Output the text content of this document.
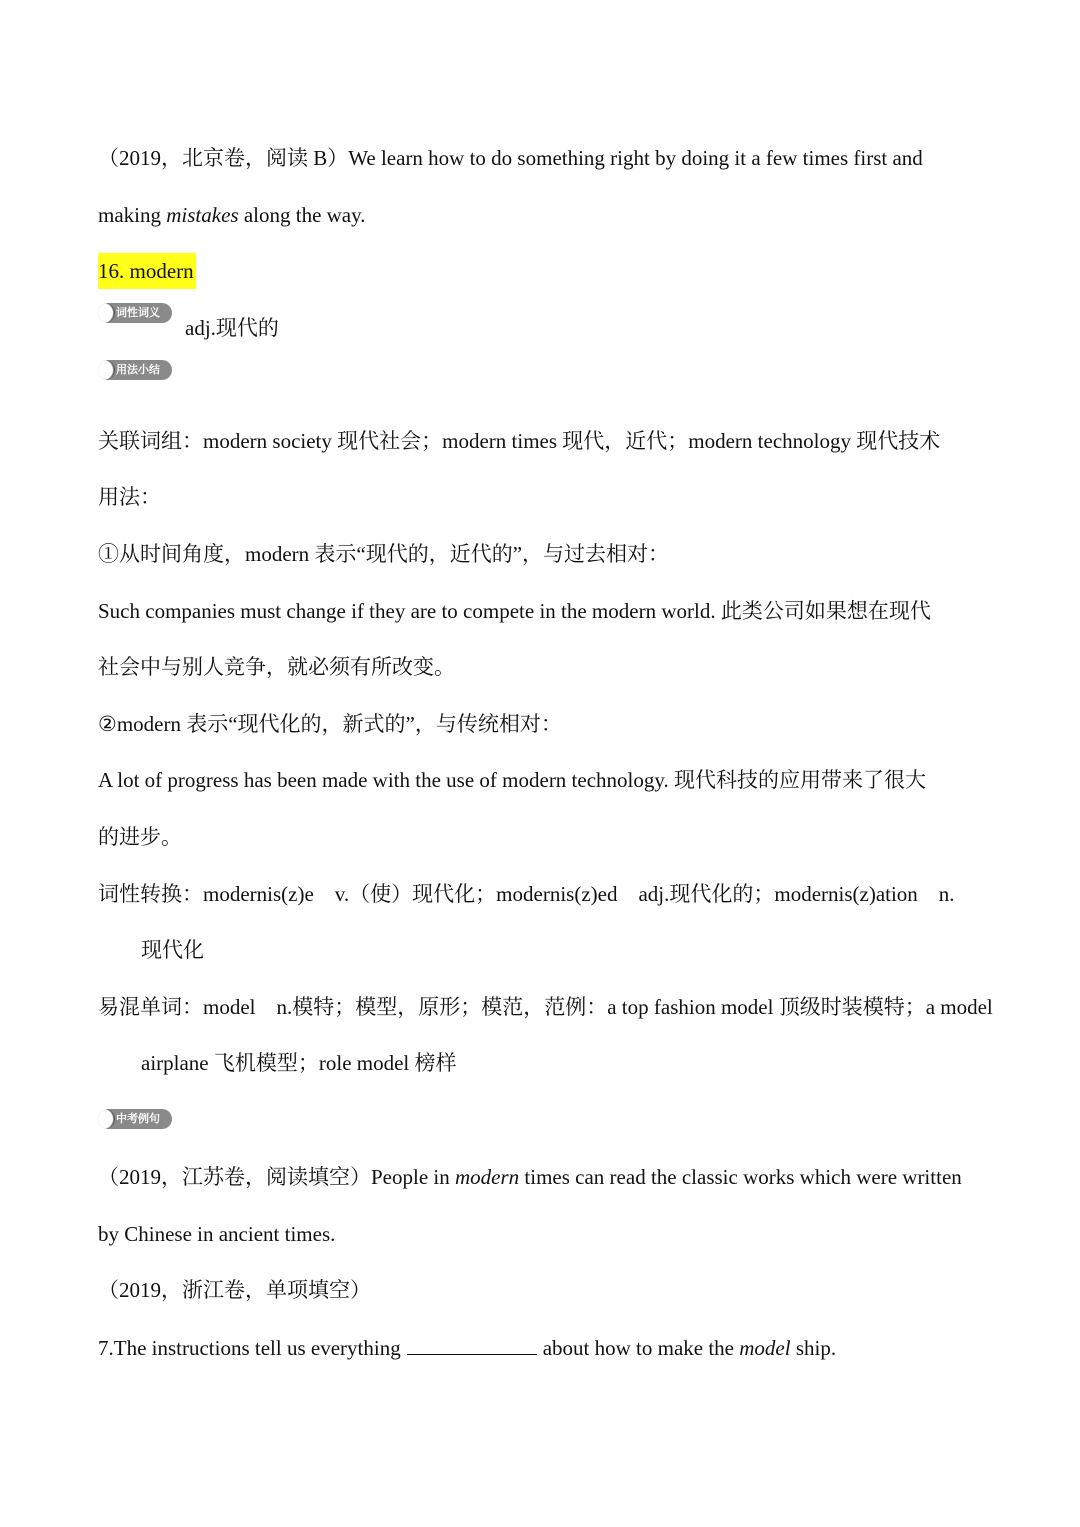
（2019，北京卷，阅读 B）We learn how to do something right by doing it a few times first and
making mistakes along the way.
16. modern
词性词义
adj.现代的
用法小结
关联词组：modern society 现代社会；modern times 现代，近代；modern technology 现代技术
用法：
①从时间角度，modern 表示“现代的，近代的”，与过去相对：
Such companies must change if they are to compete in the modern world. 此类公司如果想在现代
社会中与别人竞争，就必须有所改变。
②modern 表示“现代化的，新式的”，与传统相对：
A lot of progress has been made with the use of modern technology. 现代科技的应用带来了很大
的进步。
词性转换：modernis(z)e　v.（使）现代化；modernis(z)ed　adj.现代化的；modernis(z)ation　n.
现代化
易混单词：model　n.模特；模型，原形；模范，范例：a top fashion model 顶级时装模特；a model
airplane 飞机模型；role model 榜样
中考例句
（2019，江苏卷，阅读填空）People in modern times can read the classic works which were written
by Chinese in ancient times.
（2019，浙江卷，单项填空）
7.The instructions tell us everything	about how to make the model ship.
